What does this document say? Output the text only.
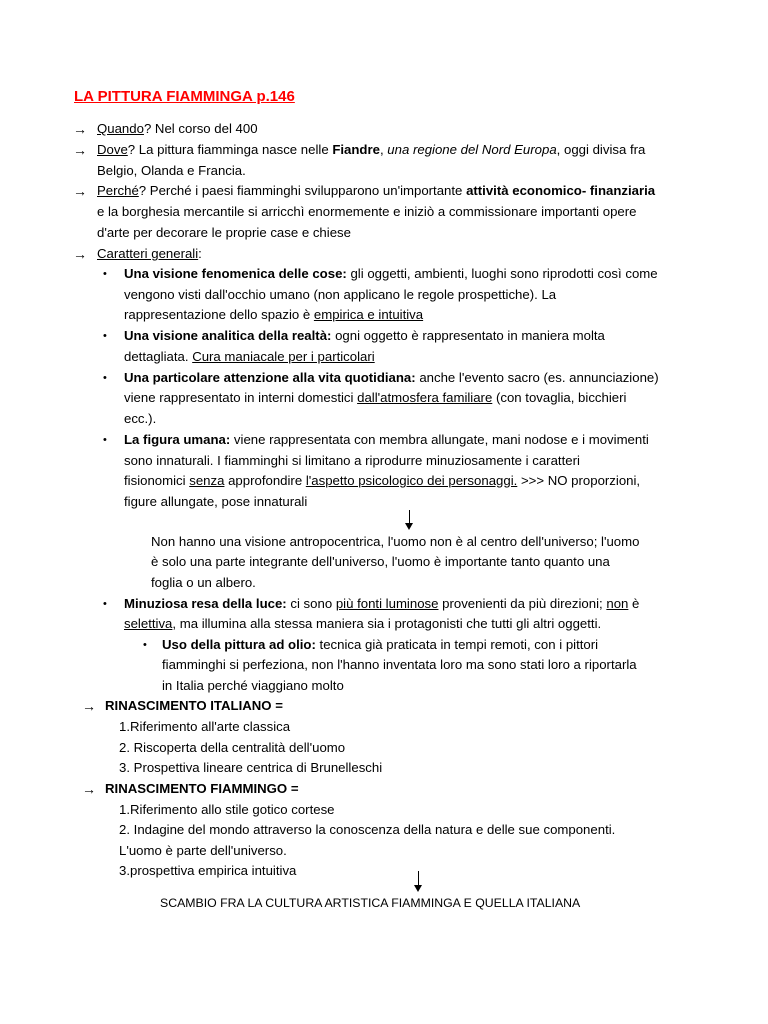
LA PITTURA FIAMMINGA p.146
→ Quando? Nel corso del 400
→ Dove? La pittura fiamminga nasce nelle Fiandre, una regione del Nord Europa, oggi divisa fra
Belgio, Olanda e Francia.
→ Perché? Perché i paesi fiamminghi svilupparono un'importante attività economico- finanziaria
e la borghesia mercantile si arricchì enormemente e iniziò a commissionare importanti opere
d'arte per decorare le proprie case e chiese
→ Caratteri generali:
• Una visione fenomenica delle cose: gli oggetti, ambienti, luoghi sono riprodotti così come
vengono visti dall'occhio umano (non applicano le regole prospettiche). La
rappresentazione dello spazio è empirica e intuitiva
• Una visione analitica della realtà: ogni oggetto è rappresentato in maniera molta
dettagliata. Cura maniacale per i particolari
• Una particolare attenzione alla vita quotidiana: anche l'evento sacro (es. annunciazione)
viene rappresentato in interni domestici dall'atmosfera familiare (con tovaglia, bicchieri
ecc.).
• La figura umana: viene rappresentata con membra allungate, mani nodose e i movimenti
sono innaturali. I fiamminghi si limitano a riprodurre minuziosamente i caratteri
fisionomici senza approfondire l'aspetto psicologico dei personaggi. >>> NO proporzioni,
figure allungate, pose innaturali
Non hanno una visione antropocentrica, l'uomo non è al centro dell'universo; l'uomo
è solo una parte integrante dell'universo, l'uomo è importante tanto quanto una
foglia o un albero.
• Minuziosa resa della luce: ci sono più fonti luminose provenienti da più direzioni; non è
selettiva, ma illumina alla stessa maniera sia i protagonisti che tutti gli altri oggetti.
• Uso della pittura ad olio: tecnica già praticata in tempi remoti, con i pittori
fiamminghi si perfeziona, non l'hanno inventata loro ma sono stati loro a riportarla
in Italia perché viaggiano molto
→ RINASCIMENTO ITALIANO =
1.Riferimento all'arte classica
2. Riscoperta della centralità dell'uomo
3. Prospettiva lineare centrica di Brunelleschi
→ RINASCIMENTO FIAMMINGO =
1.Riferimento allo stile gotico cortese
2. Indagine del mondo attraverso la conoscenza della natura e delle sue componenti.
L'uomo è parte dell'universo.
3.prospettiva empirica intuitiva
SCAMBIO FRA LA CULTURA ARTISTICA FIAMMINGA E QUELLA ITALIANA
